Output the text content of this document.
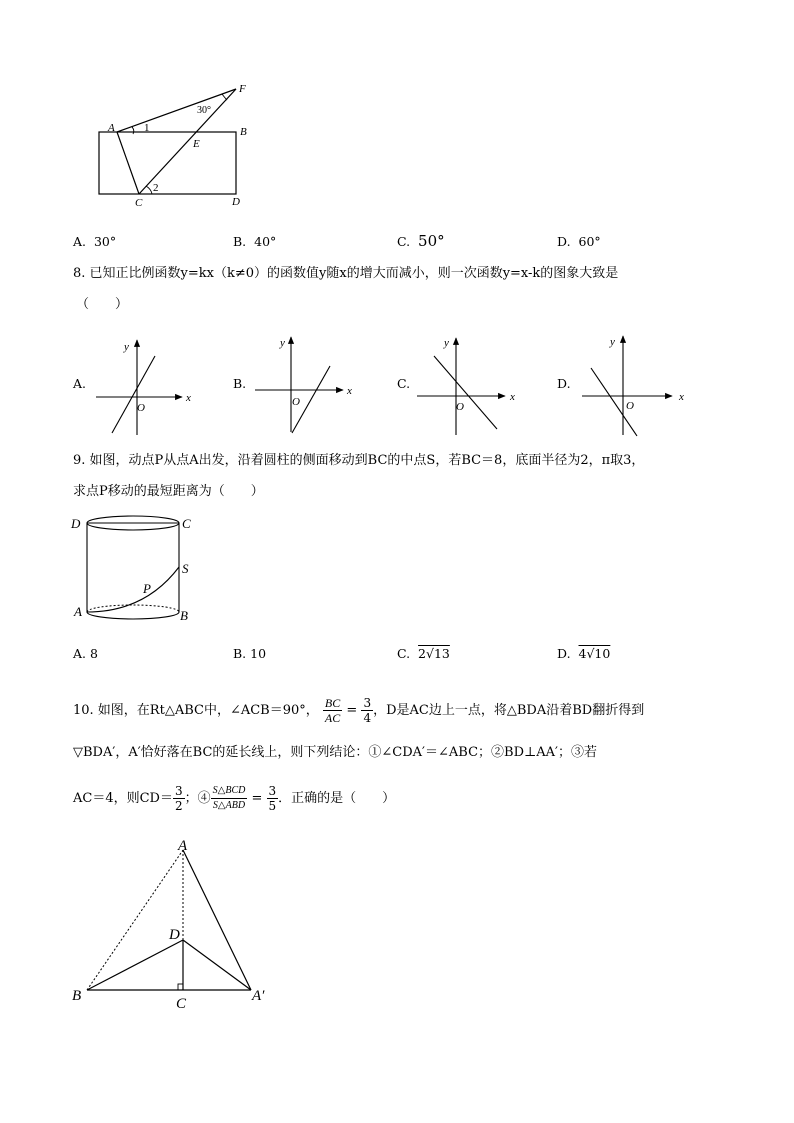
A	B
C	D
E
F
1
2
30°
A. 30°	B. 40°	C. 50°	D. 60°
8. 已知正比例函数y=kx（k≠0）的函数值y随x的增大而减小，则一次函数y=x-k的图象大致是
（　　）
A.	B.	C.	D.
x
y
O
x
y
O	x
y
O
x
y
O
9. 如图，动点P从点A出发，沿着圆柱的侧面移动到BC的中点S，若BC＝8，底面半径为2，π取3，
求点P移动的最短距离为（　　）
D	C
S
P
A	B
A. 8	B. 10	C. 2√13	D. 4√10
10. 如图，在Rt△ABC中，∠ACB＝90°， $\frac{BC}{AC} = \frac{3}{4}$ ，D是AC边上一点，将△BDA沿着BD翻折得到
▽BDA′，A′恰好落在BC的延长线上，则下列结论：①∠CDA′＝∠ABC；②BD⊥AA′；③若
AC＝4，则$CD= \frac{3}{2}$ ；④ $\frac{\text{S△BCD}}{\text{S△ABD}} = \frac{3}{5}$ ．正确的是（　　）
A
D
B	C	A′
